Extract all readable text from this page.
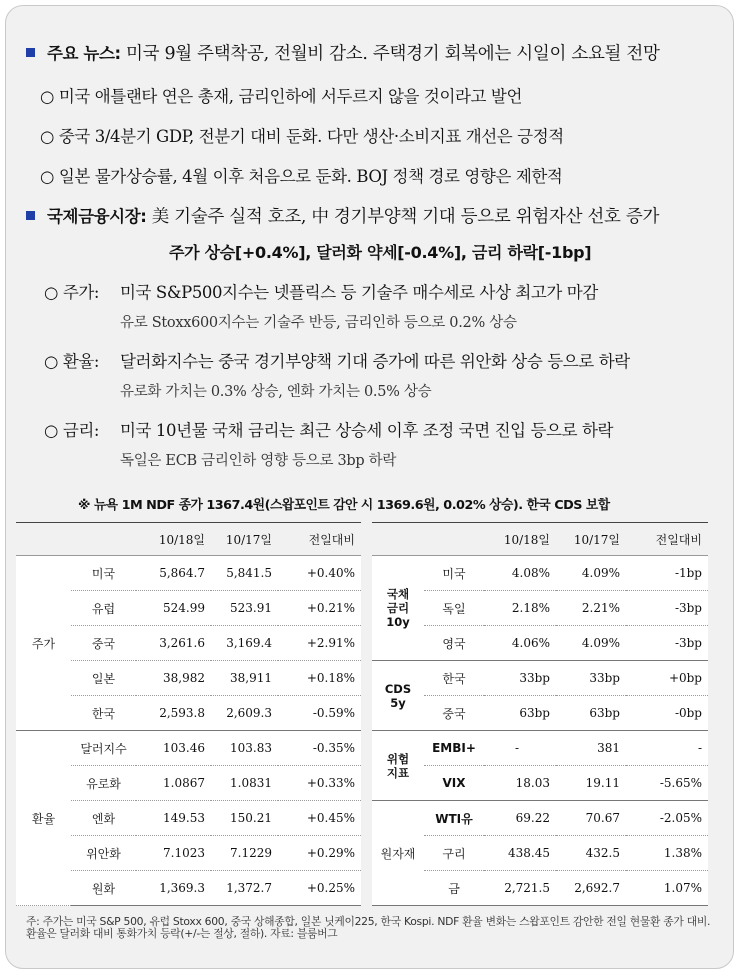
주요 뉴스: 미국 9월 주택착공, 전월비 감소. 주택경기 회복에는 시일이 소요될 전망
○ 미국 애틀랜타 연은 총재, 금리인하에 서두르지 않을 것이라고 발언
○ 중국 3/4분기 GDP, 전분기 대비 둔화. 다만 생산·소비지표 개선은 긍정적
○ 일본 물가상승률, 4월 이후 처음으로 둔화. BOJ 정책 경로 영향은 제한적
국제금융시장: 美 기술주 실적 호조, 中 경기부양책 기대 등으로 위험자산 선호 증가
주가 상승[+0.4%], 달러화 약세[-0.4%], 금리 하락[-1bp]
○ 주가: 미국 S&P500지수는 넷플릭스 등 기술주 매수세로 사상 최고가 마감
유로 Stoxx600지수는 기술주 반등, 금리인하 등으로 0.2% 상승
○ 환율: 달러화지수는 중국 경기부양책 기대 증가에 따른 위안화 상승 등으로 하락
유로화 가치는 0.3% 상승, 엔화 가치는 0.5% 상승
○ 금리: 미국 10년물 국채 금리는 최근 상승세 이후 조정 국면 진입 등으로 하락
독일은 ECB 금리인하 영향 등으로 3bp 하락
※ 뉴욕 1M NDF 종가 1367.4원(스왑포인트 감안 시 1369.6원, 0.02% 상승). 한국 CDS 보합
		10/18일	10/17일	전일대비
주가	미국	5,864.7	5,841.5	+0.40%
	유럽	524.99	523.91	+0.21%
	중국	3,261.6	3,169.4	+2.91%
	일본	38,982	38,911	+0.18%
	한국	2,593.8	2,609.3	-0.59%
환율	달러지수	103.46	103.83	-0.35%
	유로화	1.0867	1.0831	+0.33%
	엔화	149.53	150.21	+0.45%
	위안화	7.1023	7.1229	+0.29%
	원화	1,369.3	1,372.7	+0.25%
		10/18일	10/17일	전일대비
국채
금리
10y	미국	4.08%	4.09%	-1bp
	독일	2.18%	2.21%	-3bp
	영국	4.06%	4.09%	-3bp
CDS
5y	한국	33bp	33bp	+0bp
	중국	63bp	63bp	-0bp
위험
지표	EMBI+	-	381	-
	VIX	18.03	19.11	-5.65%
원자재	WTI유	69.22	70.67	-2.05%
	구리	438.45	432.5	1.38%
	금	2,721.5	2,692.7	1.07%
주: 주가는 미국 S&P 500, 유럽 Stoxx 600, 중국 상해종합, 일본 닛케이225, 한국 Kospi. NDF 환율 변화는 스왑포인트 감안한 전일 현물환 종가 대비. 환율은 달러화 대비 통화가치 등락(+/-는 절상, 절하). 자료: 블룸버그
